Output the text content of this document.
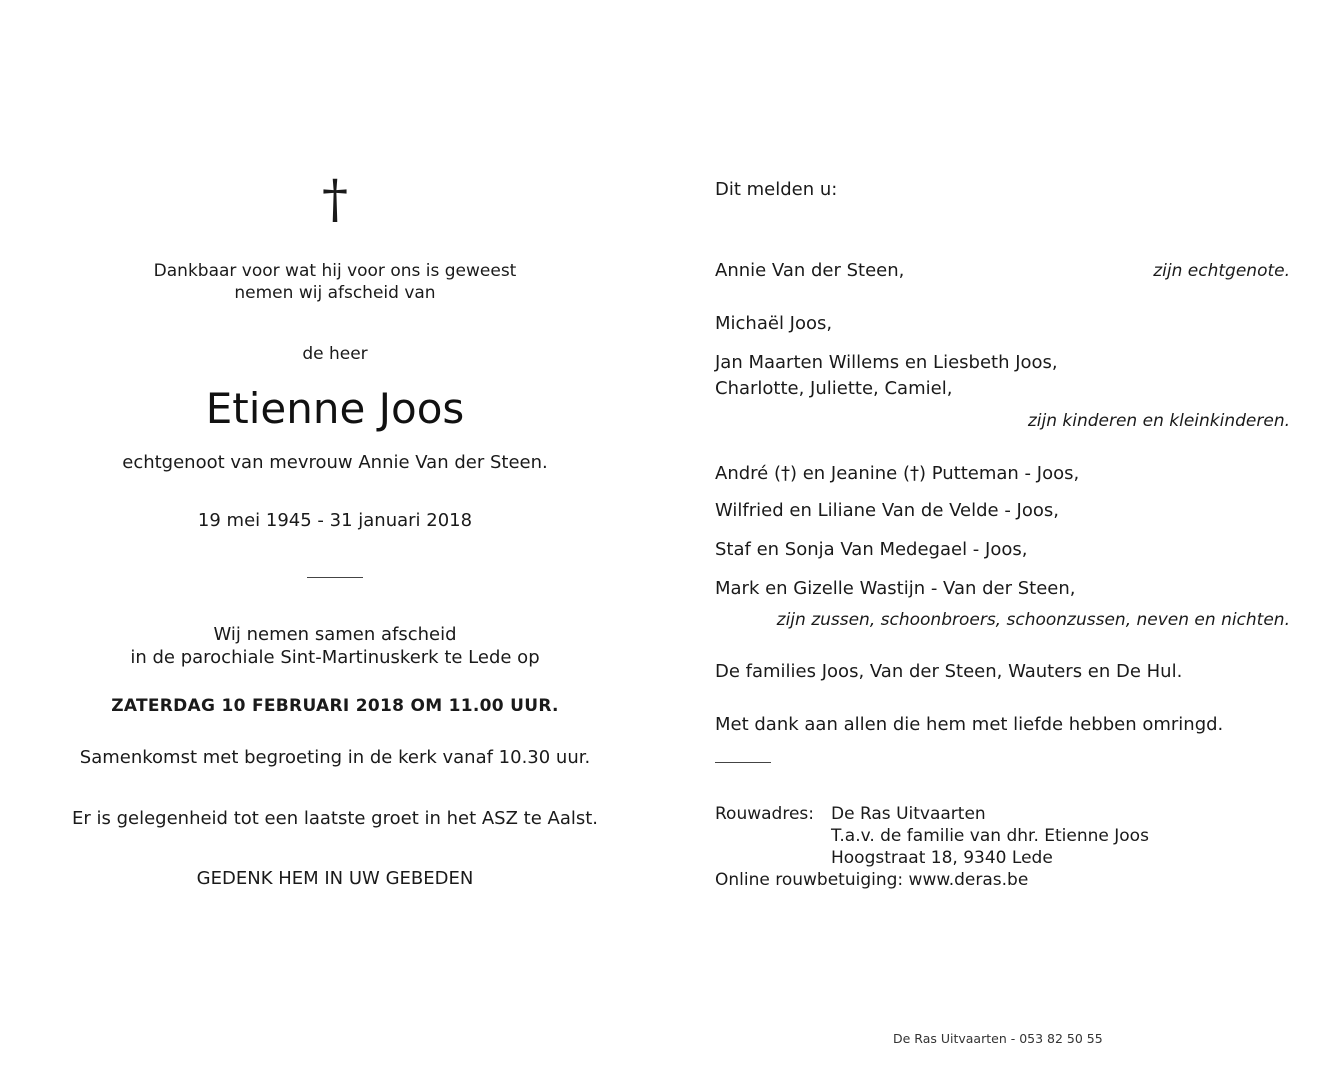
†
Dankbaar voor wat hij voor ons is geweest
nemen wij afscheid van
de heer
Etienne Joos
echtgenoot van mevrouw Annie Van der Steen.
19 mei 1945 - 31 januari 2018
Wij nemen samen afscheid
in de parochiale Sint-Martinuskerk te Lede op
ZATERDAG 10 FEBRUARI 2018 OM 11.00 UUR.
Samenkomst met begroeting in de kerk vanaf 10.30 uur.
Er is gelegenheid tot een laatste groet in het ASZ te Aalst.
GEDENK HEM IN UW GEBEDEN
Dit melden u:
Annie Van der Steen,	zijn echtgenote.
Michaël Joos,
Jan Maarten Willems en Liesbeth Joos,
Charlotte, Juliette, Camiel,
zijn kinderen en kleinkinderen.
André (†) en Jeanine (†) Putteman - Joos,
Wilfried en Liliane Van de Velde - Joos,
Staf en Sonja Van Medegael - Joos,
Mark en Gizelle Wastijn - Van der Steen,
zijn zussen, schoonbroers, schoonzussen, neven en nichten.
De families Joos, Van der Steen, Wauters en De Hul.
Met dank aan allen die hem met liefde hebben omringd.
Rouwadres:	De Ras Uitvaarten
T.a.v. de familie van dhr. Etienne Joos
Hoogstraat 18, 9340 Lede
Online rouwbetuiging: www.deras.be
De Ras Uitvaarten - 053 82 50 55
